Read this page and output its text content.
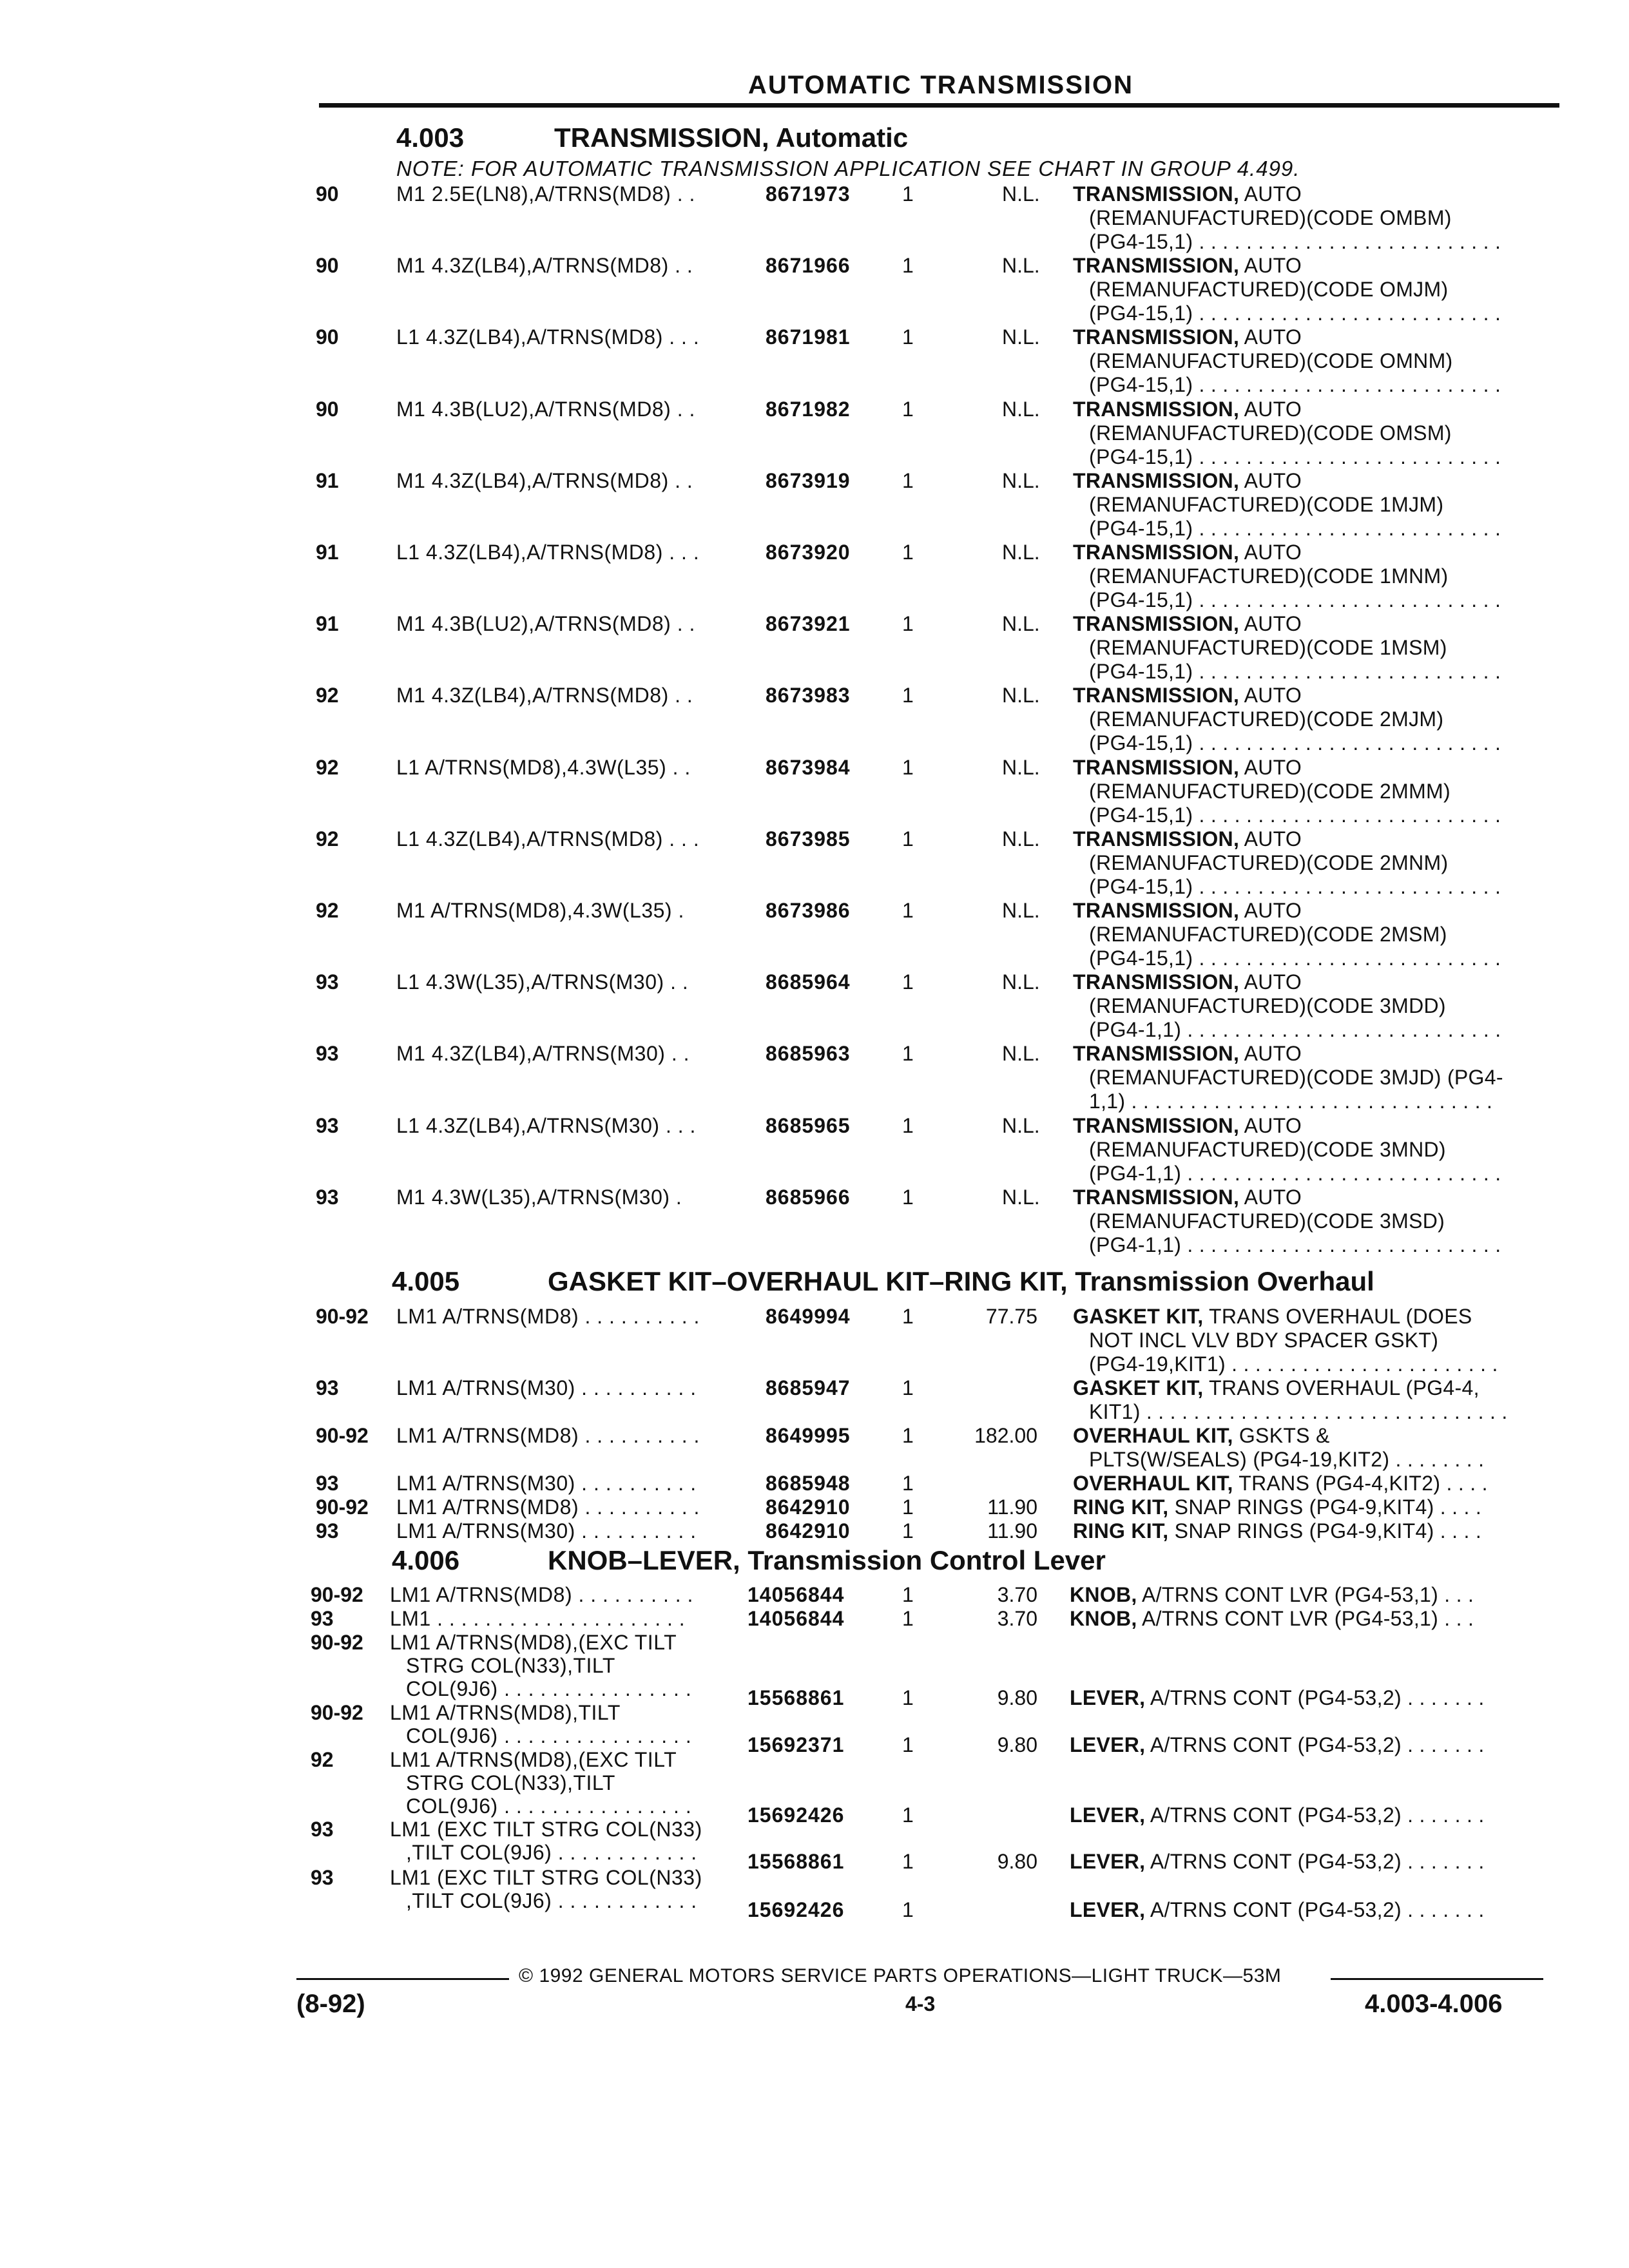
AUTOMATIC TRANSMISSION
4.003	TRANSMISSION, Automatic
NOTE: FOR AUTOMATIC TRANSMISSION APPLICATION SEE CHART IN GROUP 4.499.
90	M1 2.5E(LN8),A/TRNS(MD8) . .	8671973	1	N.L. TRANSMISSION, AUTO
(REMANUFACTURED)(CODE OMBM)
(PG4-15,1) . . . . . . . . . . . . . . . . . . . . . . . . . .
90	M1 4.3Z(LB4),A/TRNS(MD8) . .	8671966	1	N.L. TRANSMISSION, AUTO
(REMANUFACTURED)(CODE OMJM)
(PG4-15,1) . . . . . . . . . . . . . . . . . . . . . . . . . .
90	L1 4.3Z(LB4),A/TRNS(MD8) . . .	8671981	1	N.L. TRANSMISSION, AUTO
(REMANUFACTURED)(CODE OMNM)
(PG4-15,1) . . . . . . . . . . . . . . . . . . . . . . . . . .
90	M1 4.3B(LU2),A/TRNS(MD8) . .	8671982	1	N.L. TRANSMISSION, AUTO
(REMANUFACTURED)(CODE OMSM)
(PG4-15,1) . . . . . . . . . . . . . . . . . . . . . . . . . .
91	M1 4.3Z(LB4),A/TRNS(MD8) . .	8673919	1	N.L. TRANSMISSION, AUTO
(REMANUFACTURED)(CODE 1MJM)
(PG4-15,1) . . . . . . . . . . . . . . . . . . . . . . . . . .
91	L1 4.3Z(LB4),A/TRNS(MD8) . . .	8673920	1	N.L. TRANSMISSION, AUTO
(REMANUFACTURED)(CODE 1MNM)
(PG4-15,1) . . . . . . . . . . . . . . . . . . . . . . . . . .
91	M1 4.3B(LU2),A/TRNS(MD8) . .	8673921	1	N.L. TRANSMISSION, AUTO
(REMANUFACTURED)(CODE 1MSM)
(PG4-15,1) . . . . . . . . . . . . . . . . . . . . . . . . . .
92	M1 4.3Z(LB4),A/TRNS(MD8) . .	8673983	1	N.L. TRANSMISSION, AUTO
(REMANUFACTURED)(CODE 2MJM)
(PG4-15,1) . . . . . . . . . . . . . . . . . . . . . . . . . .
92	L1 A/TRNS(MD8),4.3W(L35) . .	8673984	1	N.L. TRANSMISSION, AUTO
(REMANUFACTURED)(CODE 2MMM)
(PG4-15,1) . . . . . . . . . . . . . . . . . . . . . . . . . .
92	L1 4.3Z(LB4),A/TRNS(MD8) . . .	8673985	1	N.L. TRANSMISSION, AUTO
(REMANUFACTURED)(CODE 2MNM)
(PG4-15,1) . . . . . . . . . . . . . . . . . . . . . . . . . .
92	M1 A/TRNS(MD8),4.3W(L35) .	8673986	1	N.L. TRANSMISSION, AUTO
(REMANUFACTURED)(CODE 2MSM)
(PG4-15,1) . . . . . . . . . . . . . . . . . . . . . . . . . .
93	L1 4.3W(L35),A/TRNS(M30) . .	8685964	1	N.L. TRANSMISSION, AUTO
(REMANUFACTURED)(CODE 3MDD)
(PG4-1,1) . . . . . . . . . . . . . . . . . . . . . . . . . . .
93	M1 4.3Z(LB4),A/TRNS(M30) . .	8685963	1	N.L. TRANSMISSION, AUTO
(REMANUFACTURED)(CODE 3MJD) (PG4-
1,1) . . . . . . . . . . . . . . . . . . . . . . . . . . . . . . .
93	L1 4.3Z(LB4),A/TRNS(M30) . . .	8685965	1	N.L. TRANSMISSION, AUTO
(REMANUFACTURED)(CODE 3MND)
(PG4-1,1) . . . . . . . . . . . . . . . . . . . . . . . . . . .
93	M1 4.3W(L35),A/TRNS(M30) .	8685966	1	N.L. TRANSMISSION, AUTO
(REMANUFACTURED)(CODE 3MSD)
(PG4-1,1) . . . . . . . . . . . . . . . . . . . . . . . . . . .
4.005	GASKET KIT–OVERHAUL KIT–RING KIT, Transmission Overhaul
90-92 LM1 A/TRNS(MD8) . . . . . . . . . .	8649994	1	77.75 GASKET KIT, TRANS OVERHAUL (DOES
NOT INCL VLV BDY SPACER GSKT)
(PG4-19,KIT1) . . . . . . . . . . . . . . . . . . . . . . .
93	LM1 A/TRNS(M30) . . . . . . . . . .	8685947	1	GASKET KIT, TRANS OVERHAUL (PG4-4,
KIT1) . . . . . . . . . . . . . . . . . . . . . . . . . . . . . . .
90-92 LM1 A/TRNS(MD8) . . . . . . . . . .	8649995	1	182.00 OVERHAUL KIT, GSKTS &
PLTS(W/SEALS) (PG4-19,KIT2) . . . . . . . .
93	LM1 A/TRNS(M30) . . . . . . . . . .	8685948	1	OVERHAUL KIT, TRANS (PG4-4,KIT2) . . . .
90-92 LM1 A/TRNS(MD8) . . . . . . . . . .	8642910	1	11.90 RING KIT, SNAP RINGS (PG4-9,KIT4) . . . .
93	LM1 A/TRNS(M30) . . . . . . . . . .	8642910	1	11.90 RING KIT, SNAP RINGS (PG4-9,KIT4) . . . .
4.006	KNOB–LEVER, Transmission Control Lever
90-92 LM1 A/TRNS(MD8) . . . . . . . . . .	14056844	1	3.70 KNOB, A/TRNS CONT LVR (PG4-53,1) . . .
93	LM1 . . . . . . . . . . . . . . . . . . . . .	14056844	1	3.70 KNOB, A/TRNS CONT LVR (PG4-53,1) . . .
90-92 LM1 A/TRNS(MD8),(EXC TILT
STRG COL(N33),TILT
COL(9J6) . . . . . . . . . . . . . . . .	15568861	1	9.80 LEVER, A/TRNS CONT (PG4-53,2) . . . . . . .
90-92 LM1 A/TRNS(MD8),TILT
COL(9J6) . . . . . . . . . . . . . . . .	15692371	1	9.80 LEVER, A/TRNS CONT (PG4-53,2) . . . . . . .
92	LM1 A/TRNS(MD8),(EXC TILT
STRG COL(N33),TILT
COL(9J6) . . . . . . . . . . . . . . . .	15692426	1	LEVER, A/TRNS CONT (PG4-53,2) . . . . . . .
93	LM1 (EXC TILT STRG COL(N33)
,TILT COL(9J6) . . . . . . . . . . . . 15568861	1	9.80 LEVER, A/TRNS CONT (PG4-53,2) . . . . . . .
93	LM1 (EXC TILT STRG COL(N33)
,TILT COL(9J6) . . . . . . . . . . . . 15692426	1	LEVER, A/TRNS CONT (PG4-53,2) . . . . . . .
© 1992 GENERAL MOTORS SERVICE PARTS OPERATIONS—LIGHT TRUCK—53M
(8-92)	4-3	4.003-4.006
